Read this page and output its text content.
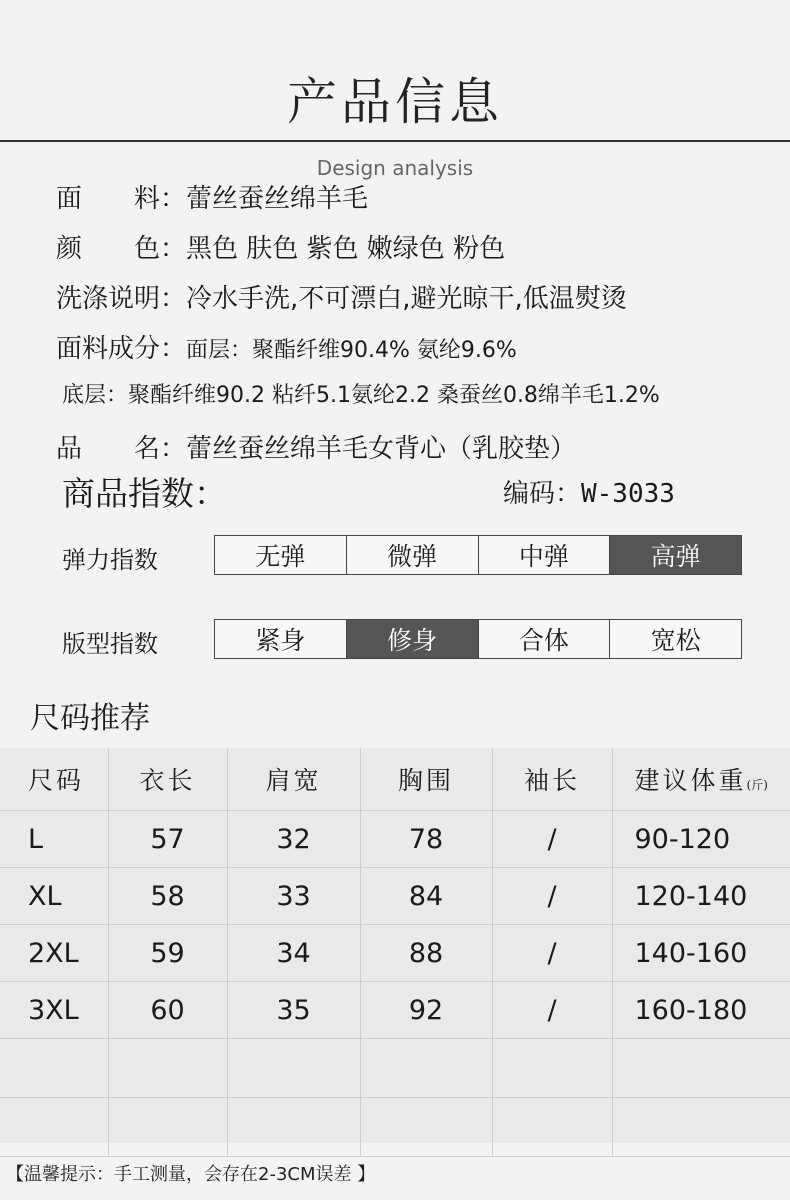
产品信息
Design analysis
面　　料：蕾丝蚕丝绵羊毛
颜　　色：黑色 肤色 紫色 嫩绿色 粉色
洗涤说明：冷水手洗,不可漂白,避光晾干,低温熨烫
面料成分：面层：聚酯纤维90.4% 氨纶9.6%
底层：聚酯纤维90.2 粘纤5.1氨纶2.2 桑蚕丝0.8绵羊毛1.2%
品　　名：蕾丝蚕丝绵羊毛女背心（乳胶垫）
商品指数：	编码：W-3033
弹力指数	无弹	微弹	中弹	高弹
版型指数	紧身	修身	合体	宽松
尺码推荐
尺码	衣长	肩宽	胸围	袖长	建议体重(斤)
L	57	32	78	/	90-120
XL	58	33	84	/	120-140
2XL	59	34	88	/	140-160
3XL	60	35	92	/	160-180

【温馨提示：手工测量，会存在2-3CM误差 】
